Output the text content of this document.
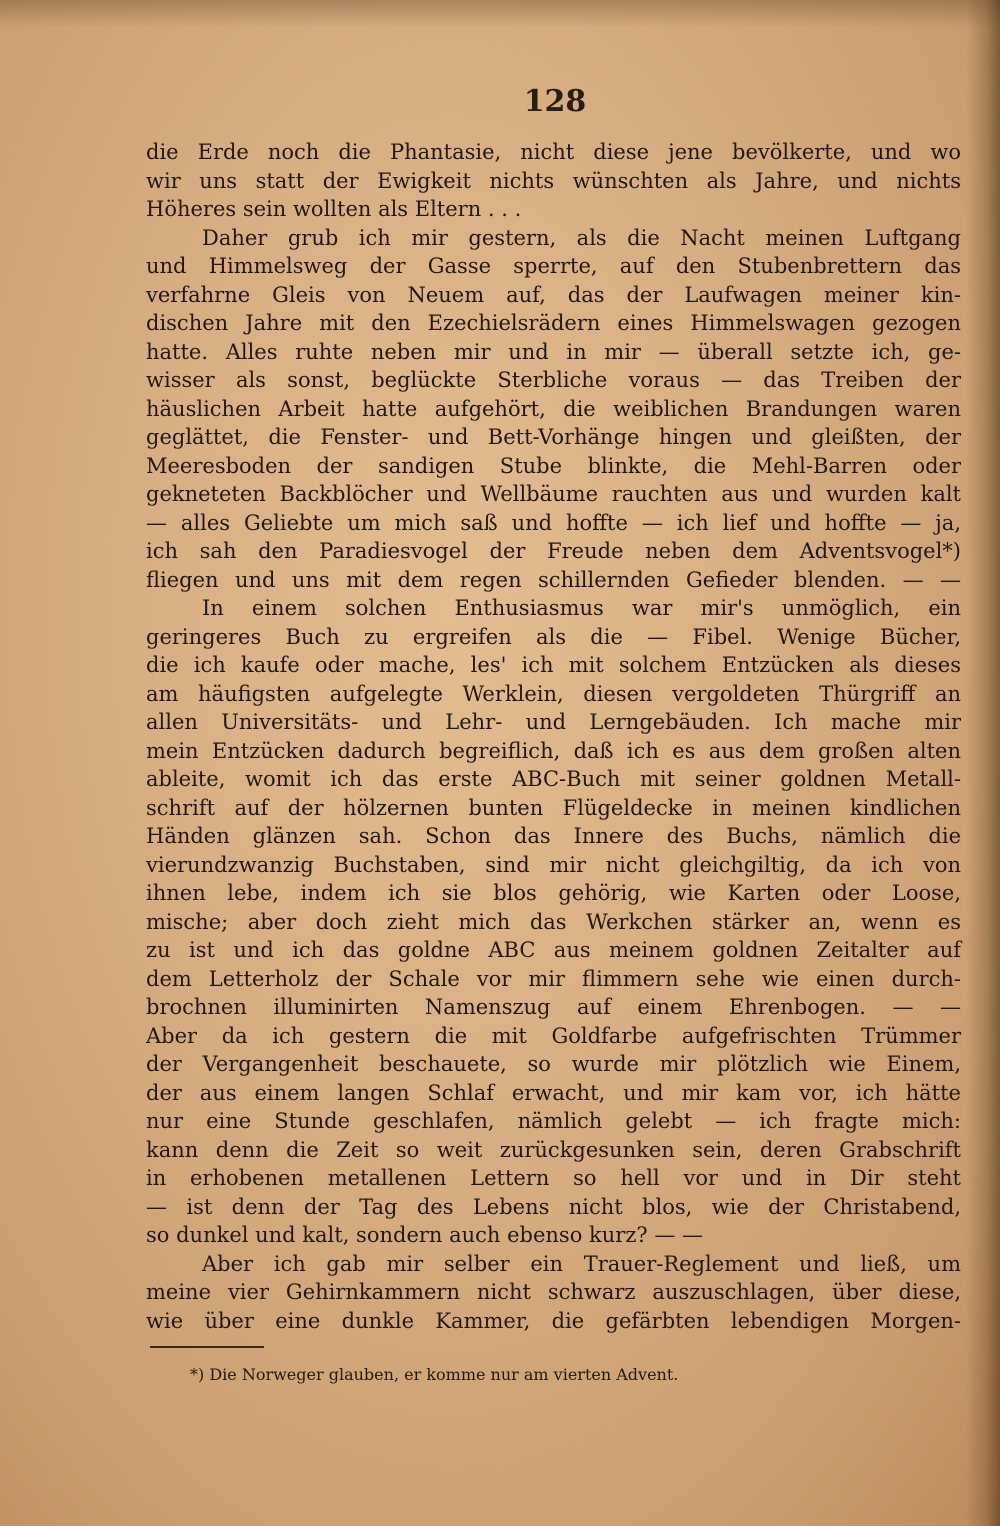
128
die Erde noch die Phantasie, nicht diese jene bevölkerte, und wo
wir uns statt der Ewigkeit nichts wünschten als Jahre, und nichts
Höheres sein wollten als Eltern . . .
Daher grub ich mir gestern, als die Nacht meinen Luftgang
und Himmelsweg der Gasse sperrte, auf den Stubenbrettern das
verfahrne Gleis von Neuem auf, das der Laufwagen meiner kin-
dischen Jahre mit den Ezechielsrädern eines Himmelswagen gezogen
hatte. Alles ruhte neben mir und in mir — überall setzte ich, ge-
wisser als sonst, beglückte Sterbliche voraus — das Treiben der
häuslichen Arbeit hatte aufgehört, die weiblichen Brandungen waren
geglättet, die Fenster- und Bett-Vorhänge hingen und gleißten, der
Meeresboden der sandigen Stube blinkte, die Mehl-Barren oder
gekneteten Backblöcher und Wellbäume rauchten aus und wurden kalt
— alles Geliebte um mich saß und hoffte — ich lief und hoffte — ja,
ich sah den Paradiesvogel der Freude neben dem Adventsvogel*)
fliegen und uns mit dem regen schillernden Gefieder blenden. — —
In einem solchen Enthusiasmus war mir's unmöglich, ein
geringeres Buch zu ergreifen als die — Fibel. Wenige Bücher,
die ich kaufe oder mache, les' ich mit solchem Entzücken als dieses
am häufigsten aufgelegte Werklein, diesen vergoldeten Thürgriff an
allen Universitäts- und Lehr- und Lerngebäuden. Ich mache mir
mein Entzücken dadurch begreiflich, daß ich es aus dem großen alten
ableite, womit ich das erste ABC-Buch mit seiner goldnen Metall-
schrift auf der hölzernen bunten Flügeldecke in meinen kindlichen
Händen glänzen sah. Schon das Innere des Buchs, nämlich die
vierundzwanzig Buchstaben, sind mir nicht gleichgiltig, da ich von
ihnen lebe, indem ich sie blos gehörig, wie Karten oder Loose,
mische; aber doch zieht mich das Werkchen stärker an, wenn es
zu ist und ich das goldne ABC aus meinem goldnen Zeitalter auf
dem Letterholz der Schale vor mir flimmern sehe wie einen durch-
brochnen illuminirten Namenszug auf einem Ehrenbogen. — —
Aber da ich gestern die mit Goldfarbe aufgefrischten Trümmer
der Vergangenheit beschauete, so wurde mir plötzlich wie Einem,
der aus einem langen Schlaf erwacht, und mir kam vor, ich hätte
nur eine Stunde geschlafen, nämlich gelebt — ich fragte mich:
kann denn die Zeit so weit zurückgesunken sein, deren Grabschrift
in erhobenen metallenen Lettern so hell vor und in Dir steht
— ist denn der Tag des Lebens nicht blos, wie der Christabend,
so dunkel und kalt, sondern auch ebenso kurz? — —
Aber ich gab mir selber ein Trauer-Reglement und ließ, um
meine vier Gehirnkammern nicht schwarz auszuschlagen, über diese,
wie über eine dunkle Kammer, die gefärbten lebendigen Morgen-
*) Die Norweger glauben, er komme nur am vierten Advent.
